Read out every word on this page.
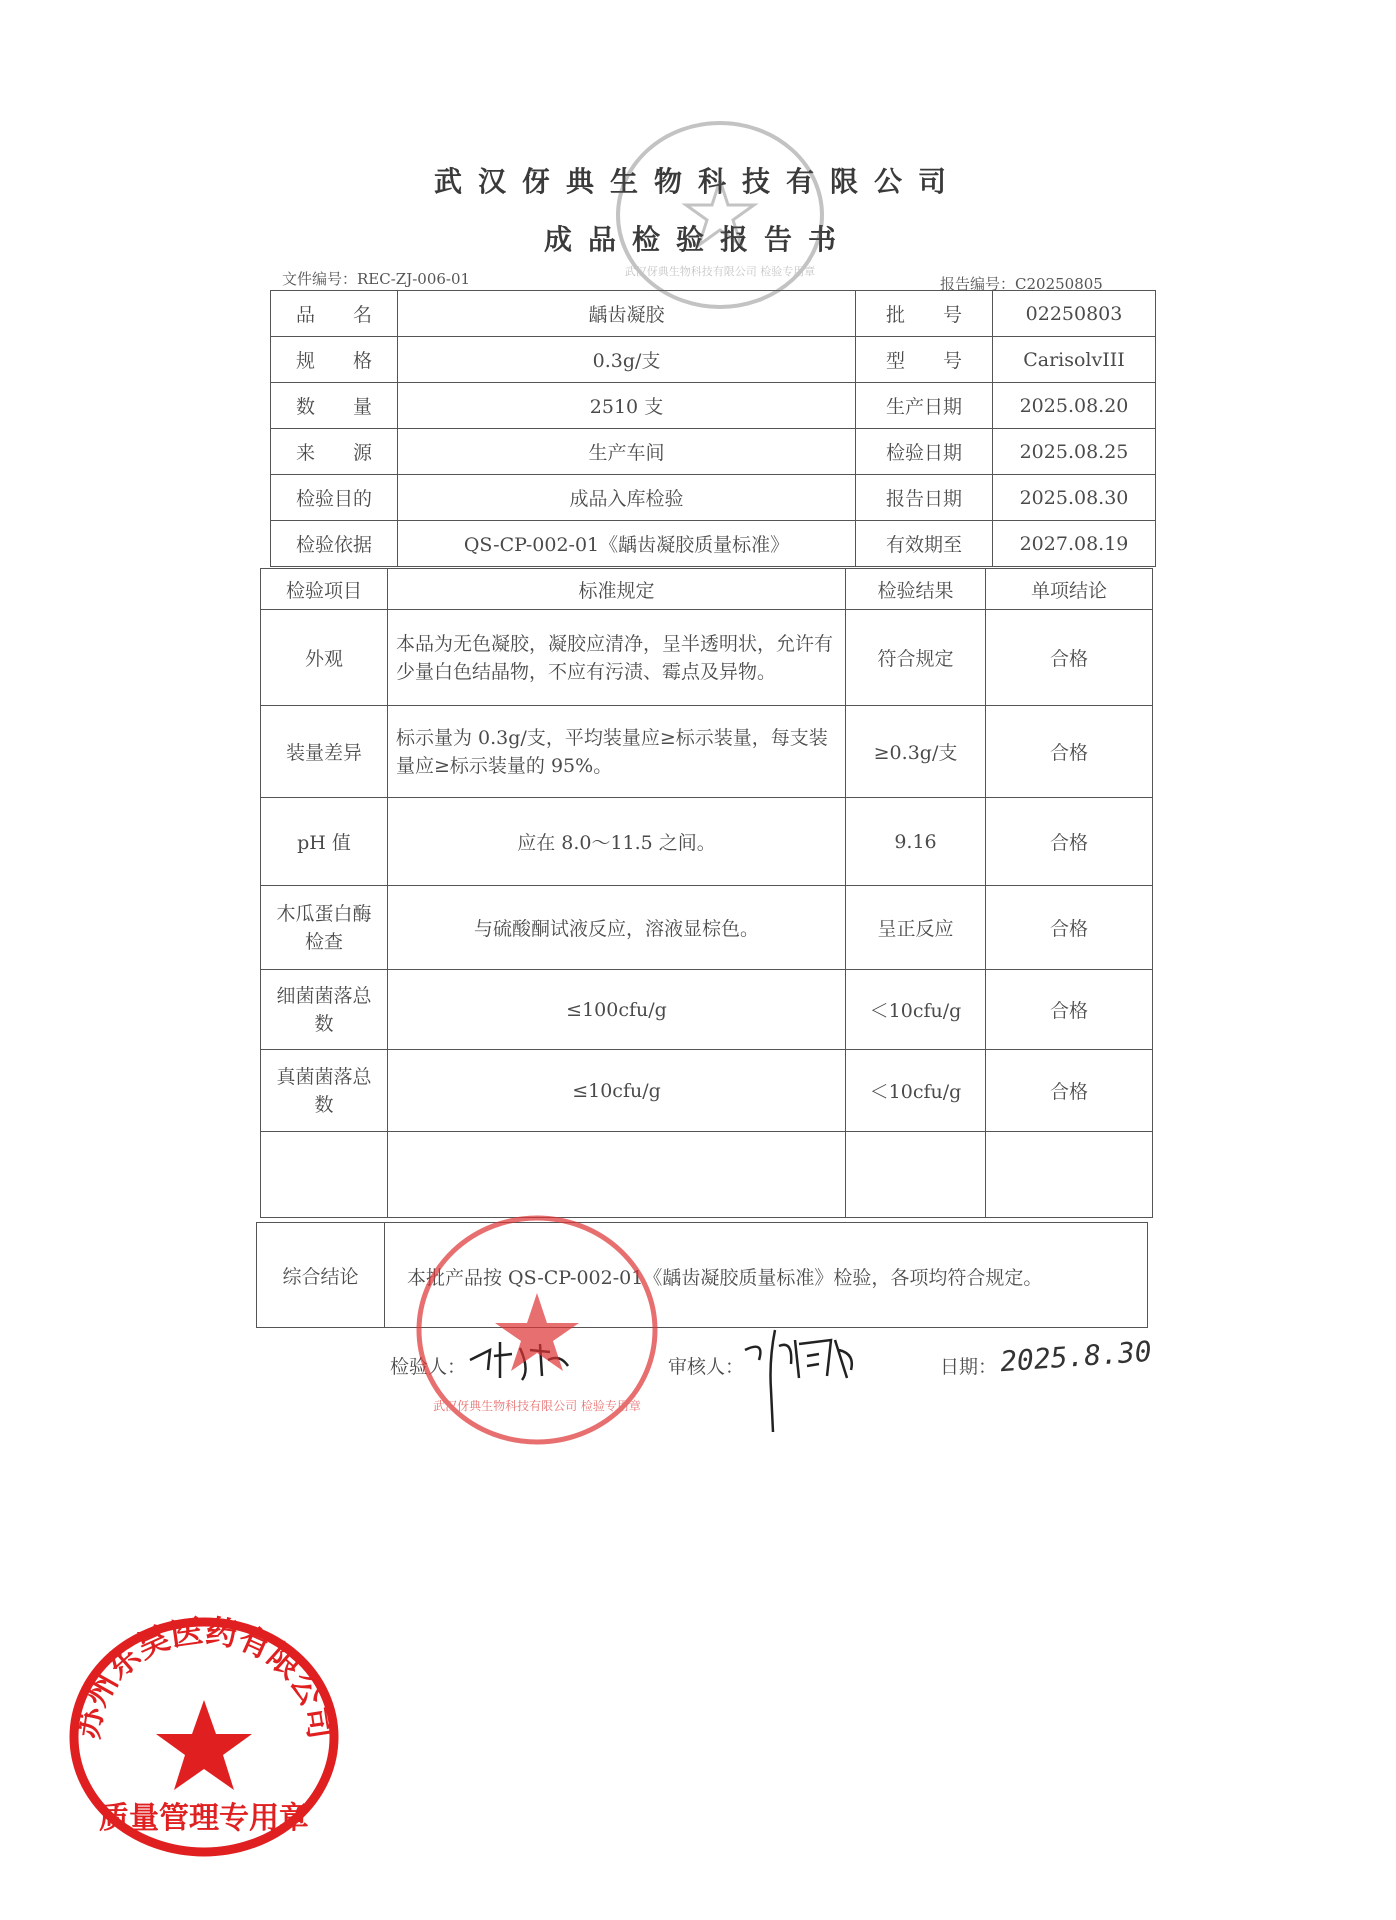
武汉伢典生物科技有限公司
成品检验报告书
文件编号：REC-ZJ-006-01	报告编号：C20250805
品　　名	龋齿凝胶	批　　号	02250803
规　　格	0.3g/支	型　　号	CarisolvIII
数　　量	2510 支	生产日期	2025.08.20
来　　源	生产车间	检验日期	2025.08.25
检验目的	成品入库检验	报告日期	2025.08.30
检验依据	QS-CP-002-01《龋齿凝胶质量标准》	有效期至	2027.08.19
检验项目	标准规定	检验结果	单项结论
外观	本品为无色凝胶，凝胶应清净，呈半透明状，允许有少量白色结晶物，不应有污渍、霉点及异物。	符合规定	合格
装量差异	标示量为 0.3g/支，平均装量应≥标示装量，每支装量应≥标示装量的 95%。	≥0.3g/支	合格
pH 值	应在 8.0～11.5 之间。	9.16	合格
木瓜蛋白酶检查	与硫酸酮试液反应，溶液显棕色。	呈正反应	合格
细菌菌落总数	≤100cfu/g	＜10cfu/g	合格
真菌菌落总数	≤10cfu/g	＜10cfu/g	合格

综合结论	本批产品按 QS-CP-002-01《龋齿凝胶质量标准》检验，各项均符合规定。
检验人：	审核人：	日期： 2025.8.30
武汉伢典生物科技有限公司 检验专用章
武汉伢典生物科技有限公司 检验专用章
苏州东昊医药有限公司
质量管理专用章
